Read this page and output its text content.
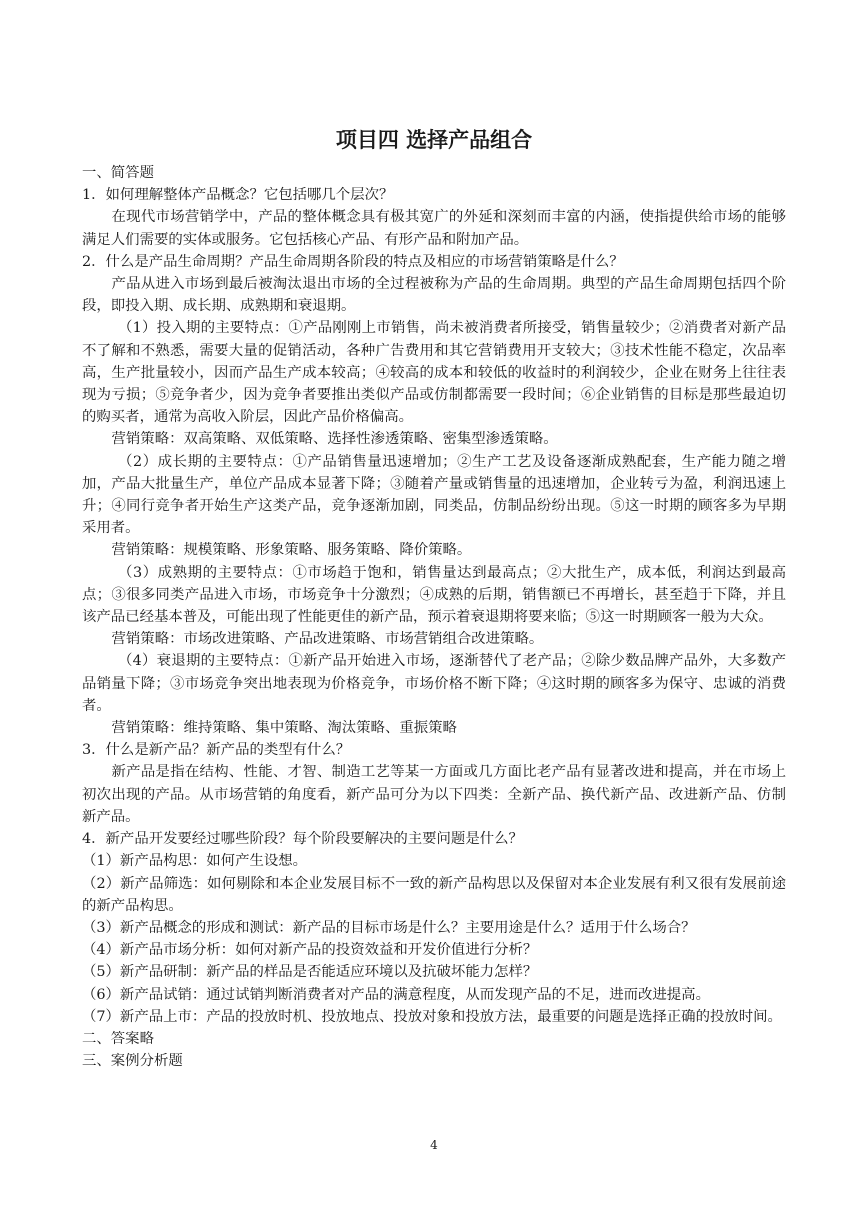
项目四 选择产品组合

一、简答题

1．如何理解整体产品概念？它包括哪几个层次？

在现代市场营销学中，产品的整体概念具有极其宽广的外延和深刻而丰富的内涵，使指提供给市场的能够满足人们需要的实体或服务。它包括核心产品、有形产品和附加产品。

2．什么是产品生命周期？产品生命周期各阶段的特点及相应的市场营销策略是什么？

产品从进入市场到最后被淘汰退出市场的全过程被称为产品的生命周期。典型的产品生命周期包括四个阶段，即投入期、成长期、成熟期和衰退期。

（1）投入期的主要特点：①产品刚刚上市销售，尚未被消费者所接受，销售量较少；②消费者对新产品不了解和不熟悉，需要大量的促销活动，各种广告费用和其它营销费用开支较大；③技术性能不稳定，次品率高，生产批量较小，因而产品生产成本较高；④较高的成本和较低的收益时的利润较少，企业在财务上往往表现为亏损；⑤竞争者少，因为竞争者要推出类似产品或仿制都需要一段时间；⑥企业销售的目标是那些最迫切的购买者，通常为高收入阶层，因此产品价格偏高。

营销策略：双高策略、双低策略、选择性渗透策略、密集型渗透策略。

（2）成长期的主要特点：①产品销售量迅速增加；②生产工艺及设备逐渐成熟配套，生产能力随之增加，产品大批量生产，单位产品成本显著下降；③随着产量或销售量的迅速增加，企业转亏为盈，利润迅速上升；④同行竞争者开始生产这类产品，竞争逐渐加剧，同类品，仿制品纷纷出现。⑤这一时期的顾客多为早期采用者。

营销策略：规模策略、形象策略、服务策略、降价策略。

（3）成熟期的主要特点：①市场趋于饱和，销售量达到最高点；②大批生产，成本低，利润达到最高点；③很多同类产品进入市场，市场竞争十分激烈；④成熟的后期，销售额已不再增长，甚至趋于下降，并且该产品已经基本普及，可能出现了性能更佳的新产品，预示着衰退期将要来临；⑤这一时期顾客一般为大众。

营销策略：市场改进策略、产品改进策略、市场营销组合改进策略。

（4）衰退期的主要特点：①新产品开始进入市场，逐渐替代了老产品；②除少数品牌产品外，大多数产品销量下降；③市场竞争突出地表现为价格竞争，市场价格不断下降；④这时期的顾客多为保守、忠诚的消费者。

营销策略：维持策略、集中策略、淘汰策略、重振策略

3．什么是新产品？新产品的类型有什么？

新产品是指在结构、性能、才智、制造工艺等某一方面或几方面比老产品有显著改进和提高，并在市场上初次出现的产品。从市场营销的角度看，新产品可分为以下四类：全新产品、换代新产品、改进新产品、仿制新产品。

4．新产品开发要经过哪些阶段？每个阶段要解决的主要问题是什么？

（1）新产品构思：如何产生设想。

（2）新产品筛选：如何剔除和本企业发展目标不一致的新产品构思以及保留对本企业发展有利又很有发展前途的新产品构思。

（3）新产品概念的形成和测试：新产品的目标市场是什么？主要用途是什么？适用于什么场合？

（4）新产品市场分析：如何对新产品的投资效益和开发价值进行分析？

（5）新产品研制：新产品的样品是否能适应环境以及抗破坏能力怎样？

（6）新产品试销：通过试销判断消费者对产品的满意程度，从而发现产品的不足，进而改进提高。

（7）新产品上市：产品的投放时机、投放地点、投放对象和投放方法，最重要的问题是选择正确的投放时间。

二、答案略

三、案例分析题

4
